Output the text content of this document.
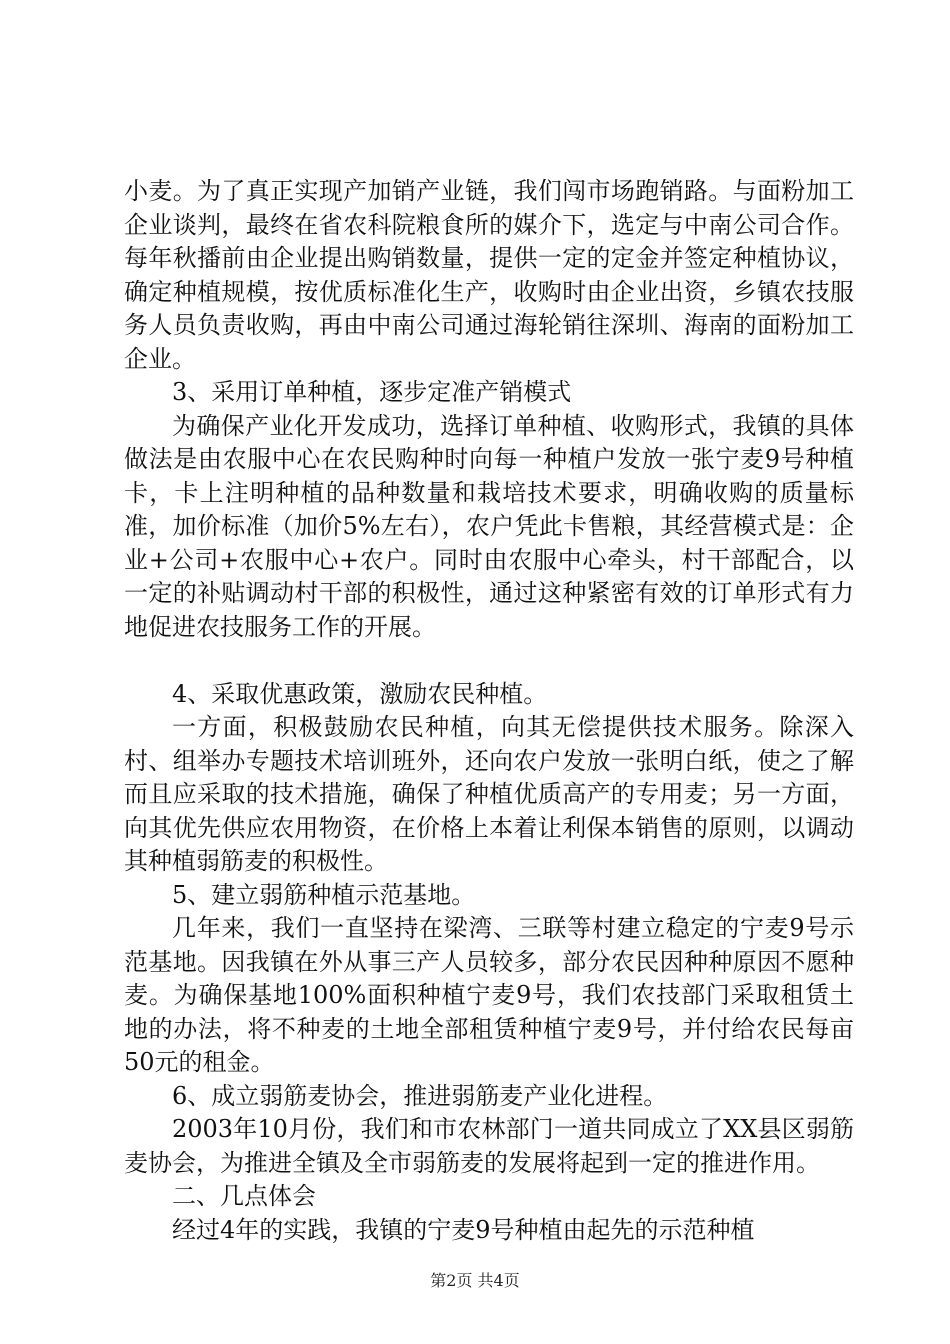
小麦。为了真正实现产加销产业链，我们闯市场跑销路。与面粉加工企业谈判，最终在省农科院粮食所的媒介下，选定与中南公司合作。每年秋播前由企业提出购销数量，提供一定的定金并签定种植协议，确定种植规模，按优质标准化生产，收购时由企业出资，乡镇农技服务人员负责收购，再由中南公司通过海轮销往深圳、海南的面粉加工企业。

3、采用订单种植，逐步定准产销模式

为确保产业化开发成功，选择订单种植、收购形式，我镇的具体做法是由农服中心在农民购种时向每一种植户发放一张宁麦9号种植卡，卡上注明种植的品种数量和栽培技术要求，明确收购的质量标准，加价标准（加价5%左右），农户凭此卡售粮，其经营模式是：企业+公司+农服中心+农户。同时由农服中心牵头，村干部配合，以一定的补贴调动村干部的积极性，通过这种紧密有效的订单形式有力地促进农技服务工作的开展。

4、采取优惠政策，激励农民种植。

一方面，积极鼓励农民种植，向其无偿提供技术服务。除深入村、组举办专题技术培训班外，还向农户发放一张明白纸，使之了解而且应采取的技术措施，确保了种植优质高产的专用麦；另一方面，向其优先供应农用物资，在价格上本着让利保本销售的原则，以调动其种植弱筋麦的积极性。

5、建立弱筋种植示范基地。

几年来，我们一直坚持在梁湾、三联等村建立稳定的宁麦9号示范基地。因我镇在外从事三产人员较多，部分农民因种种原因不愿种麦。为确保基地100%面积种植宁麦9号，我们农技部门采取租赁土地的办法，将不种麦的土地全部租赁种植宁麦9号，并付给农民每亩50元的租金。

6、成立弱筋麦协会，推进弱筋麦产业化进程。

2003年10月份，我们和市农林部门一道共同成立了XX县区弱筋麦协会，为推进全镇及全市弱筋麦的发展将起到一定的推进作用。

二、几点体会

经过4年的实践，我镇的宁麦9号种植由起先的示范种植

第2页 共4页
